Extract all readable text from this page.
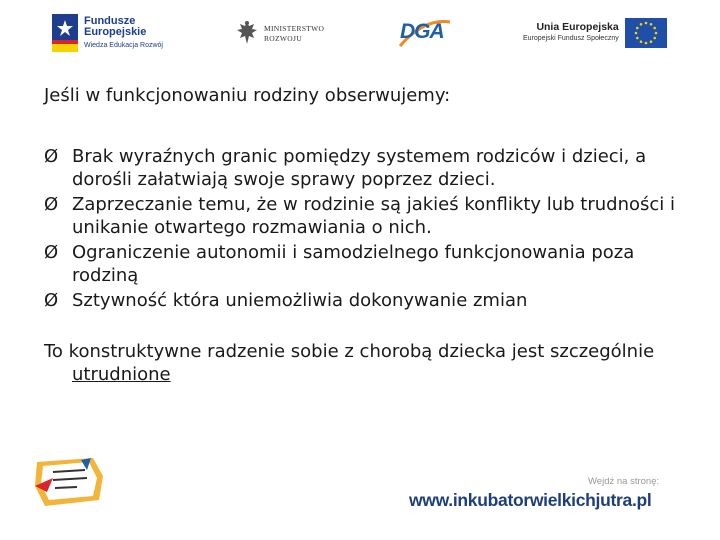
Fundusze
Europejskie
Wiedza Edukacja Rozwój
MINISTERSTWO
ROZWOJU	DGA	Unia Europejska
Europejski Fundusz Społeczny

Jeśli w funkcjonowaniu rodziny obserwujemy:

Ø Brak wyraźnych granic pomiędzy systemem rodziców i dzieci, a dorośli załatwiają swoje sprawy poprzez dzieci.
Ø Zaprzeczanie temu, że w rodzinie są jakieś konflikty lub trudności i unikanie otwartego rozmawiania o nich.
Ø Ograniczenie autonomii i samodzielnego funkcjonowania poza rodziną
Ø Sztywność która uniemożliwia dokonywanie zmian

To konstruktywne radzenie sobie z chorobą dziecka jest szczególnie utrudnione

Wejdź na stronę:
www.inkubatorwielkichjutra.pl
